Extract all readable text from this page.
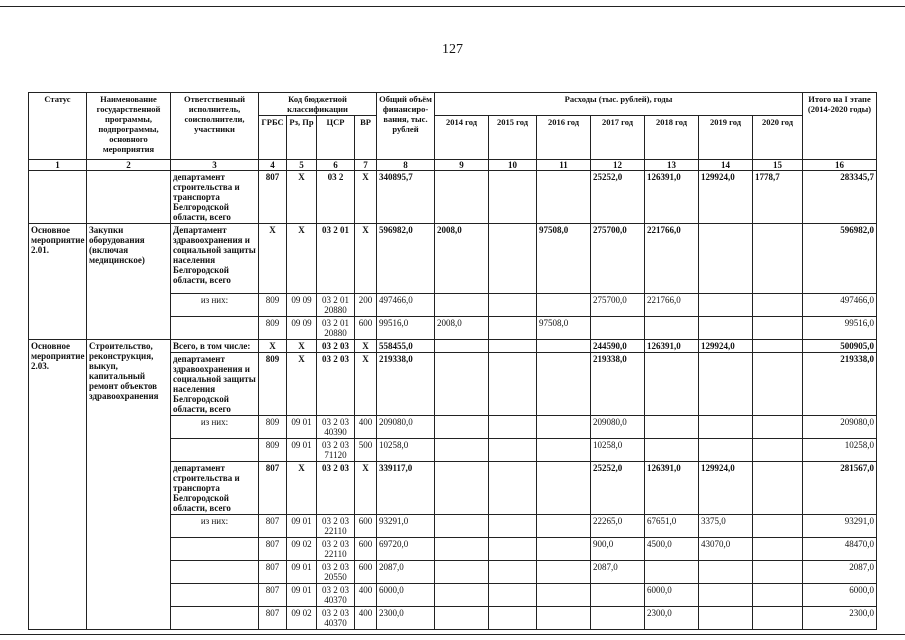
127
Статус	Наименование государственной программы, подпрограммы, основного мероприятия	Ответственный исполнитель, соисполнители, участники	Код бюджетной классификации				Общий объём финансиро-вания, тыс. рублей	Расходы (тыс. рублей), годы							Итого на I этапе (2014-2020 годы)
			ГРБС	Рз, Пр	ЦСР	ВР		2014 год	2015 год	2016 год	2017 год	2018 год	2019 год	2020 год	
1	2	3	4	5	6	7	8	9	10	11	12	13	14	15	16
		департамент строительства и транспорта Белгородской области, всего	807	Х	03 2	Х	340895,7				25252,0	126391,0	129924,0	1778,7	283345,7
Основное мероприятие 2.01.	Закупки оборудования (включая медицинское)	Департамент здравоохранения и социальной защиты населения Белгородской области, всего	Х	Х	03 2 01	Х	596982,0	2008,0		97508,0	275700,0	221766,0			596982,0
		из них:	809	09 09	03 2 01 20880	200	497466,0				275700,0	221766,0			497466,0
			809	09 09	03 2 01 20880	600	99516,0	2008,0		97508,0					99516,0
Основное мероприятие 2.03.	Строительство, реконструкция, выкуп, капитальный ремонт объектов здравоохранения	Всего, в том числе:	Х	Х	03 2 03	Х	558455,0				244590,0	126391,0	129924,0		500905,0
		департамент здравоохранения и социальной защиты населения Белгородской области, всего	809	Х	03 2 03	Х	219338,0				219338,0				219338,0
		из них:	809	09 01	03 2 03 40390	400	209080,0				209080,0				209080,0
			809	09 01	03 2 03 71120	500	10258,0				10258,0				10258,0
		департамент строительства и транспорта Белгородской области, всего	807	Х	03 2 03	Х	339117,0				25252,0	126391,0	129924,0		281567,0
		из них:	807	09 01	03 2 03 22110	600	93291,0				22265,0	67651,0	3375,0		93291,0
			807	09 02	03 2 03 22110	600	69720,0				900,0	4500,0	43070,0		48470,0
			807	09 01	03 2 03 20550	600	2087,0				2087,0				2087,0
			807	09 01	03 2 03 40370	400	6000,0					6000,0			6000,0
			807	09 02	03 2 03 40370	400	2300,0					2300,0			2300,0
